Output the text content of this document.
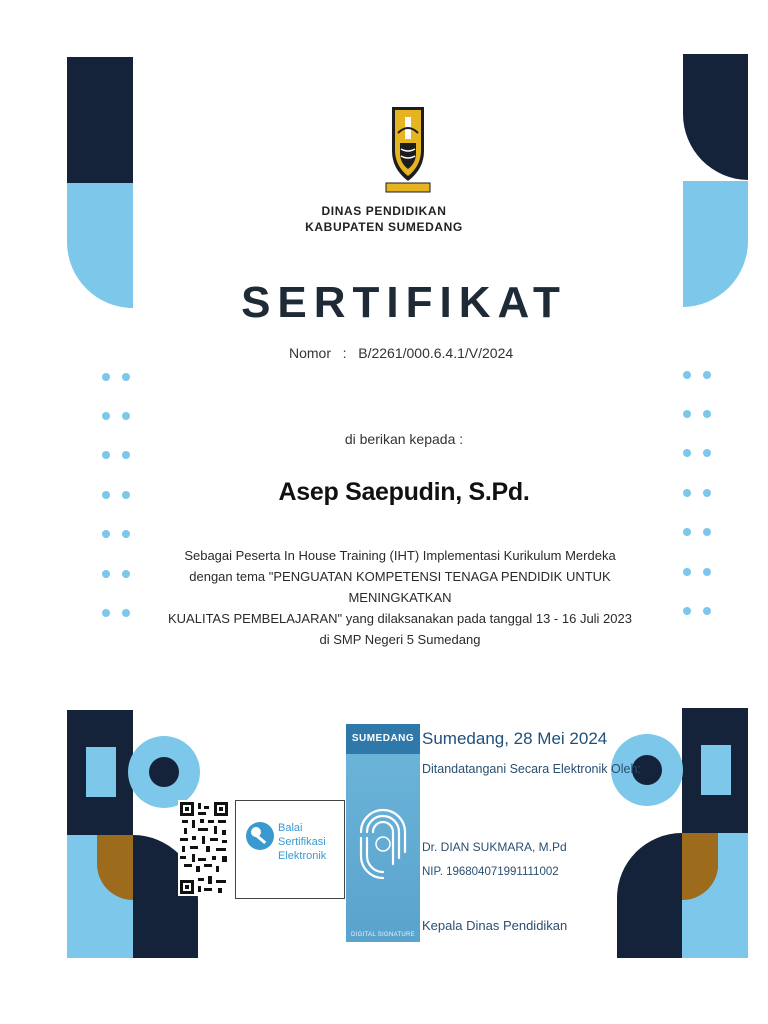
DINAS PENDIDIKAN
KABUPATEN SUMEDANG
SERTIFIKAT
Nomor   :   B/2261/000.6.4.1/V/2024
di berikan kepada :
Asep Saepudin, S.Pd.
Sebagai Peserta In House Training (IHT) Implementasi Kurikulum Merdeka
dengan tema "PENGUATAN KOMPETENSI TENAGA PENDIDIK UNTUK MENINGKATKAN
KUALITAS PEMBELAJARAN" yang dilaksanakan pada tanggal 13 - 16 Juli 2023
di SMP Negeri 5 Sumedang
Balai
Sertifikasi
Elektronik
SUMEDANG
DIGITAL SIGNATURE
Sumedang, 28 Mei 2024
Ditandatangani Secara Elektronik Oleh:
Dr. DIAN SUKMARA, M.Pd
NIP. 196804071991111002
Kepala Dinas Pendidikan
